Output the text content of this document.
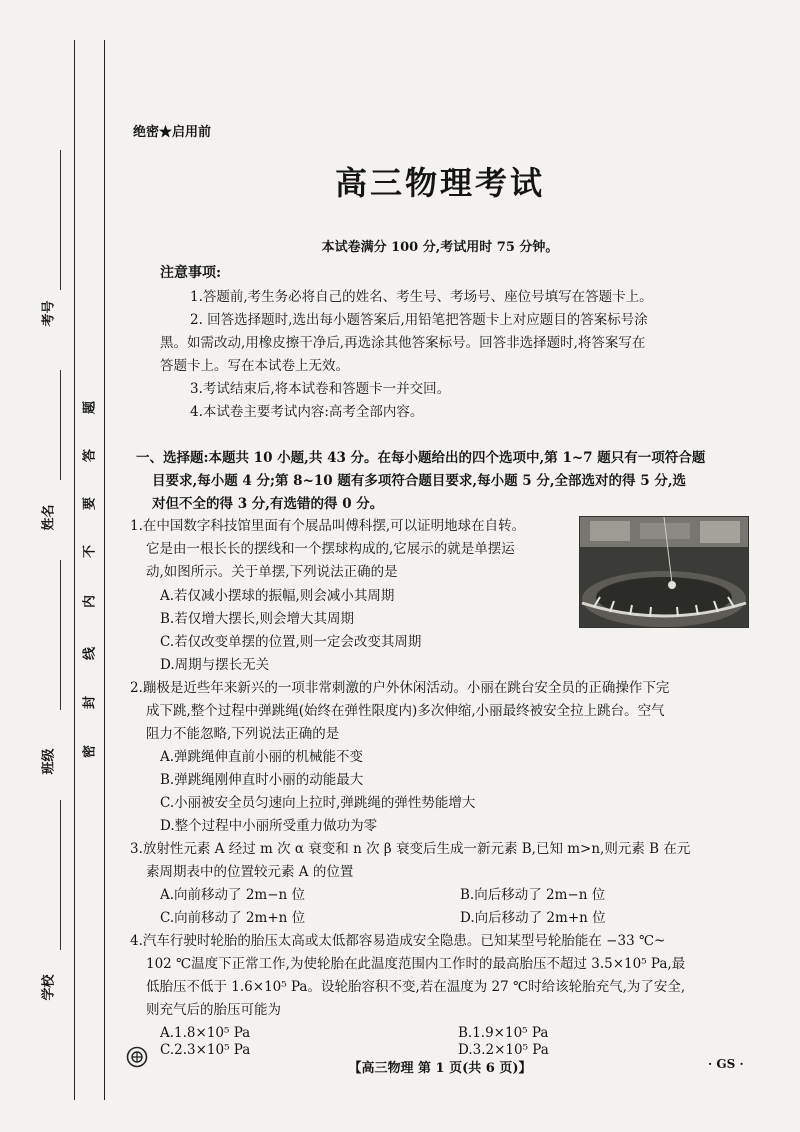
考号
姓名
班级
学校
题
答
要
不
内
线
封
密
绝密★启用前
高三物理考试
本试卷满分 100 分,考试用时 75 分钟。
注意事项:
1.答题前,考生务必将自己的姓名、考生号、考场号、座位号填写在答题卡上。
2. 回答选择题时,选出每小题答案后,用铅笔把答题卡上对应题目的答案标号涂
黑。如需改动,用橡皮擦干净后,再选涂其他答案标号。回答非选择题时,将答案写在
答题卡上。写在本试卷上无效。
3.考试结束后,将本试卷和答题卡一并交回。
4.本试卷主要考试内容:高考全部内容。
一、选择题:本题共 10 小题,共 43 分。在每小题给出的四个选项中,第 1~7 题只有一项符合题
目要求,每小题 4 分;第 8~10 题有多项符合题目要求,每小题 5 分,全部选对的得 5 分,选
对但不全的得 3 分,有选错的得 0 分。
1.在中国数字科技馆里面有个展品叫傅科摆,可以证明地球在自转。
它是由一根长长的摆线和一个摆球构成的,它展示的就是单摆运
动,如图所示。关于单摆,下列说法正确的是
A.若仅减小摆球的振幅,则会减小其周期
B.若仅增大摆长,则会增大其周期
C.若仅改变单摆的位置,则一定会改变其周期
D.周期与摆长无关
2.蹦极是近些年来新兴的一项非常刺激的户外休闲活动。小丽在跳台安全员的正确操作下完
成下跳,整个过程中弹跳绳(始终在弹性限度内)多次伸缩,小丽最终被安全拉上跳台。空气
阻力不能忽略,下列说法正确的是
A.弹跳绳伸直前小丽的机械能不变
B.弹跳绳刚伸直时小丽的动能最大
C.小丽被安全员匀速向上拉时,弹跳绳的弹性势能增大
D.整个过程中小丽所受重力做功为零
3.放射性元素 A 经过 m 次 α 衰变和 n 次 β 衰变后生成一新元素 B,已知 m>n,则元素 B 在元
素周期表中的位置较元素 A 的位置
A.向前移动了 2m−n 位	B.向后移动了 2m−n 位
C.向前移动了 2m+n 位	D.向后移动了 2m+n 位
4.汽车行驶时轮胎的胎压太高或太低都容易造成安全隐患。已知某型号轮胎能在 −33 ℃~
102 ℃温度下正常工作,为使轮胎在此温度范围内工作时的最高胎压不超过 3.5×10⁵ Pa,最
低胎压不低于 1.6×10⁵ Pa。设轮胎容积不变,若在温度为 27 ℃时给该轮胎充气,为了安全,
则充气后的胎压可能为
A.1.8×10⁵ Pa	B.1.9×10⁵ Pa
C.2.3×10⁵ Pa	D.3.2×10⁵ Pa
【高三物理 第 1 页(共 6 页)】	· GS ·
